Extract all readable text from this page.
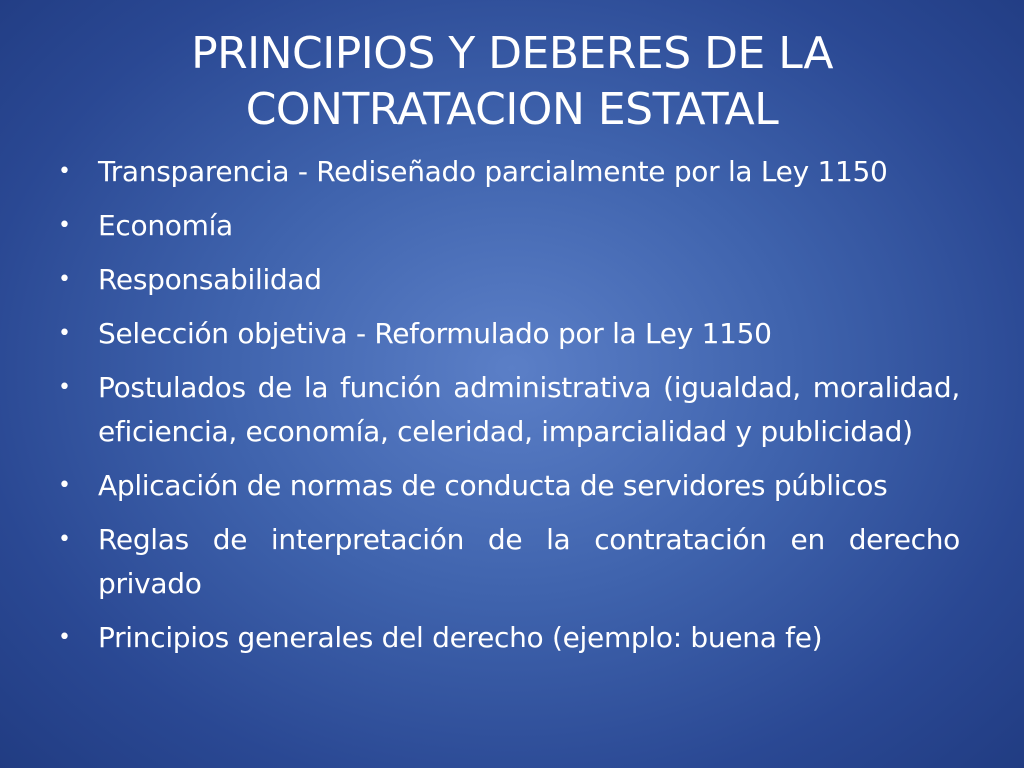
PRINCIPIOS Y DEBERES DE LA
CONTRATACION ESTATAL
• Transparencia - Rediseñado parcialmente por la Ley 1150
• Economía
• Responsabilidad
• Selección objetiva - Reformulado por la Ley 1150
• Postulados de la función administrativa (igualdad, moralidad, eficiencia, economía, celeridad, imparcialidad y publicidad)
• Aplicación de normas de conducta de servidores públicos
• Reglas de interpretación de la contratación en derecho privado
• Principios generales del derecho (ejemplo: buena fe)
